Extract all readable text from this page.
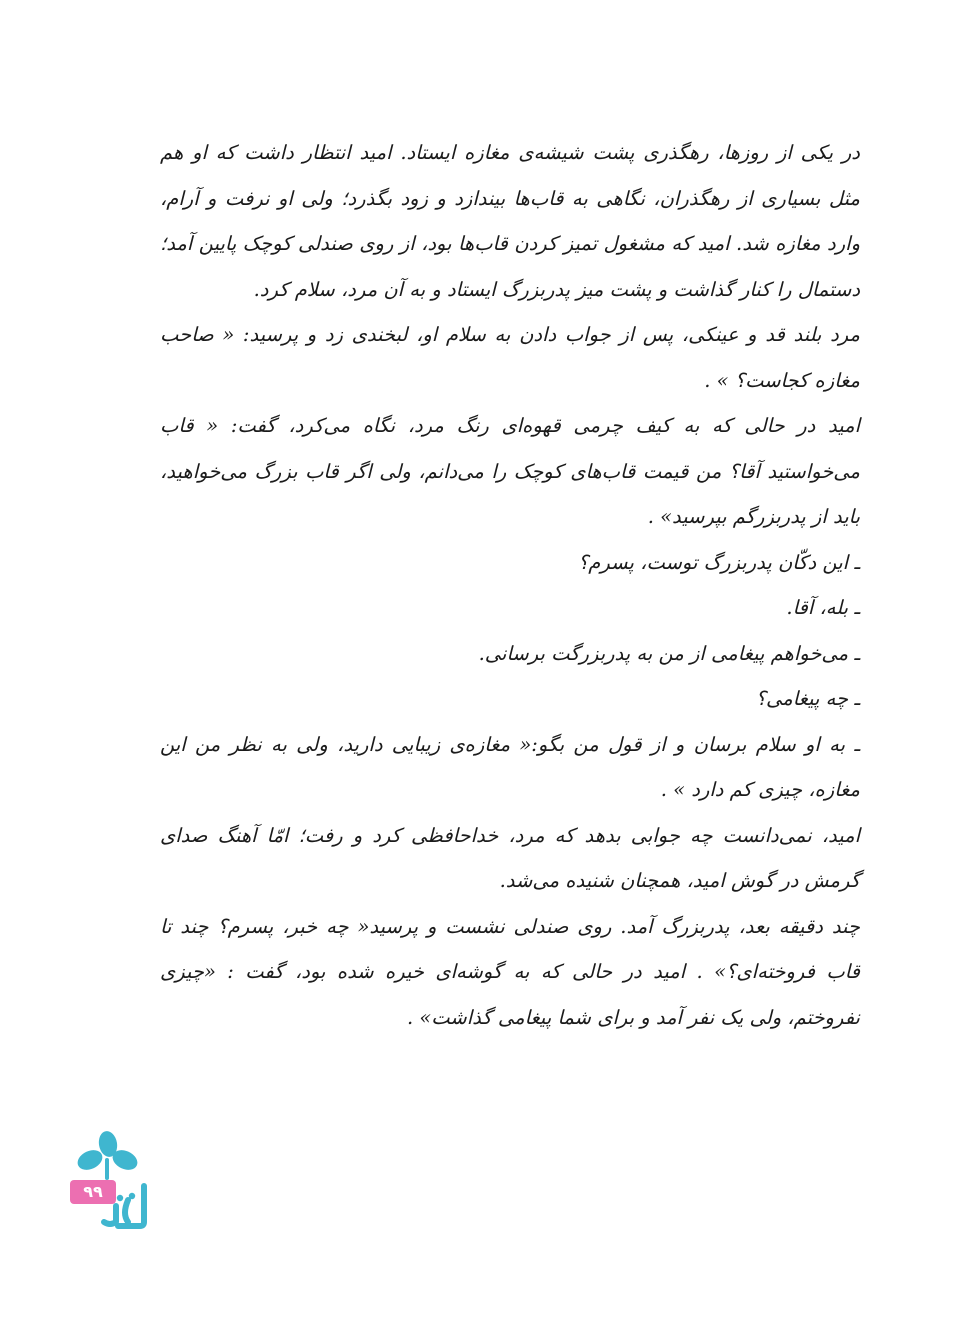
در یکی از روزها، رهگذری پشت شیشه‌ی مغازه ایستاد. امید انتظار داشت که او هم مثل بسیاری از رهگذران، نگاهی به قاب‌ها بیندازد و زود بگذرد؛ ولی او نرفت و آرام، وارد مغازه شد. امید که مشغول تمیز کردن قاب‌ها بود، از روی صندلی کوچک پایین آمد؛ دستمال را کنار گذاشت و پشت میز پدربزرگ ایستاد و به آن مرد، سلام کرد.

مرد بلند قد و عینکی، پس از جواب دادن به سلام او، لبخندی زد و پرسید: « صاحب مغازه کجاست؟ » .

امید در حالی که به کیف چرمی قهوه‌ای رنگ مرد، نگاه می‌کرد، گفت: « قاب می‌خواستید آقا؟ من قیمت قاب‌های کوچک را می‌دانم، ولی اگر قاب بزرگ می‌خواهید، باید از پدربزرگم بپرسید» .

ـ این دکّان پدربزرگ توست، پسرم؟

ـ بله، آقا.

ـ می‌خواهم پیغامی از من به پدربزرگت برسانی.

ـ چه پیغامی؟

ـ به او سلام برسان و از قول من بگو:« مغازه‌ی زیبایی دارید، ولی به نظر من این مغازه، چیزی کم دارد » .

امید، نمی‌دانست چه جوابی بدهد که مرد، خداحافظی کرد و رفت؛ امّا آهنگ صدای گرمش در گوش امید، همچنان شنیده می‌شد.

چند دقیقه بعد، پدربزرگ آمد. روی صندلی نشست و پرسید« چه خبر، پسرم؟ چند تا قاب فروخته‌ای؟» . امید در حالی که به گوشه‌ای خیره شده بود، گفت : «چیزی نفروختم، ولی یک نفر آمد و برای شما پیغامی گذاشت» .

۹۹
